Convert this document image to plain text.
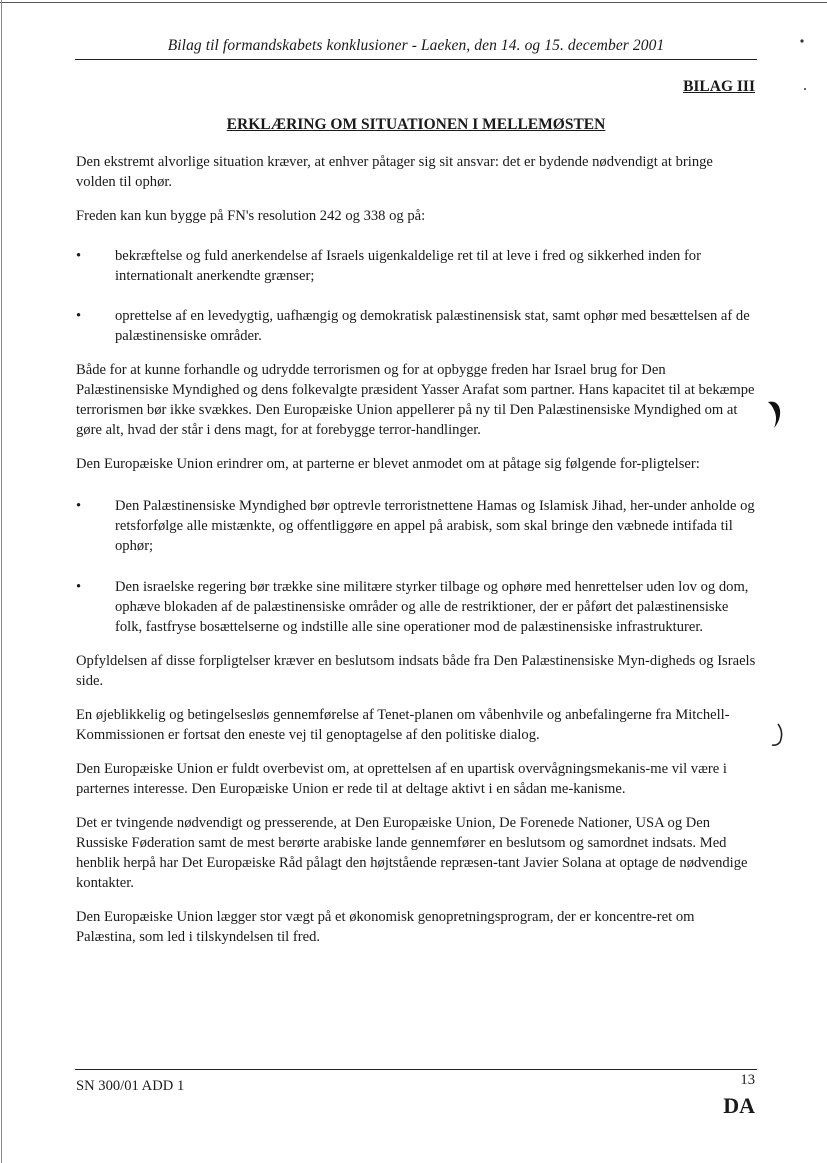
Bilag til formandskabets konklusioner - Laeken, den 14. og 15. december 2001
BILAG III
ERKLÆRING OM SITUATIONEN I MELLEMØSTEN

Den ekstremt alvorlige situation kræver, at enhver påtager sig sit ansvar: det er bydende nødvendigt at bringe volden til ophør.

Freden kan kun bygge på FN's resolution 242 og 338 og på:

• bekræftelse og fuld anerkendelse af Israels uigenkaldelige ret til at leve i fred og sikkerhed inden for internationalt anerkendte grænser;
• oprettelse af en levedygtig, uafhængig og demokratisk palæstinensisk stat, samt ophør med besættelsen af de palæstinensiske områder.

Både for at kunne forhandle og udrydde terrorismen og for at opbygge freden har Israel brug for Den Palæstinensiske Myndighed og dens folkevalgte præsident Yasser Arafat som partner. Hans kapacitet til at bekæmpe terrorismen bør ikke svækkes. Den Europæiske Union appellerer på ny til Den Palæstinensiske Myndighed om at gøre alt, hvad der står i dens magt, for at forebygge terror-handlinger.

Den Europæiske Union erindrer om, at parterne er blevet anmodet om at påtage sig følgende for-pligtelser:

• Den Palæstinensiske Myndighed bør optrevle terroristnettene Hamas og Islamisk Jihad, her-under anholde og retsforfølge alle mistænkte, og offentliggøre en appel på arabisk, som skal bringe den væbnede intifada til ophør;
• Den israelske regering bør trække sine militære styrker tilbage og ophøre med henrettelser uden lov og dom, ophæve blokaden af de palæstinensiske områder og alle de restriktioner, der er påført det palæstinensiske folk, fastfryse bosættelserne og indstille alle sine operationer mod de palæstinensiske infrastrukturer.

Opfyldelsen af disse forpligtelser kræver en beslutsom indsats både fra Den Palæstinensiske Myn-digheds og Israels side.

En øjeblikkelig og betingelsesløs gennemførelse af Tenet-planen om våbenhvile og anbefalingerne fra Mitchell-Kommissionen er fortsat den eneste vej til genoptagelse af den politiske dialog.

Den Europæiske Union er fuldt overbevist om, at oprettelsen af en upartisk overvågningsmekanis-me vil være i parternes interesse. Den Europæiske Union er rede til at deltage aktivt i en sådan me-kanisme.

Det er tvingende nødvendigt og presserende, at Den Europæiske Union, De Forenede Nationer, USA og Den Russiske Føderation samt de mest berørte arabiske lande gennemfører en beslutsom og samordnet indsats. Med henblik herpå har Det Europæiske Råd pålagt den højtstående repræsen-tant Javier Solana at optage de nødvendige kontakter.

Den Europæiske Union lægger stor vægt på et økonomisk genopretningsprogram, der er koncentre-ret om Palæstina, som led i tilskyndelsen til fred.

SN 300/01 ADD 1	13
DA
